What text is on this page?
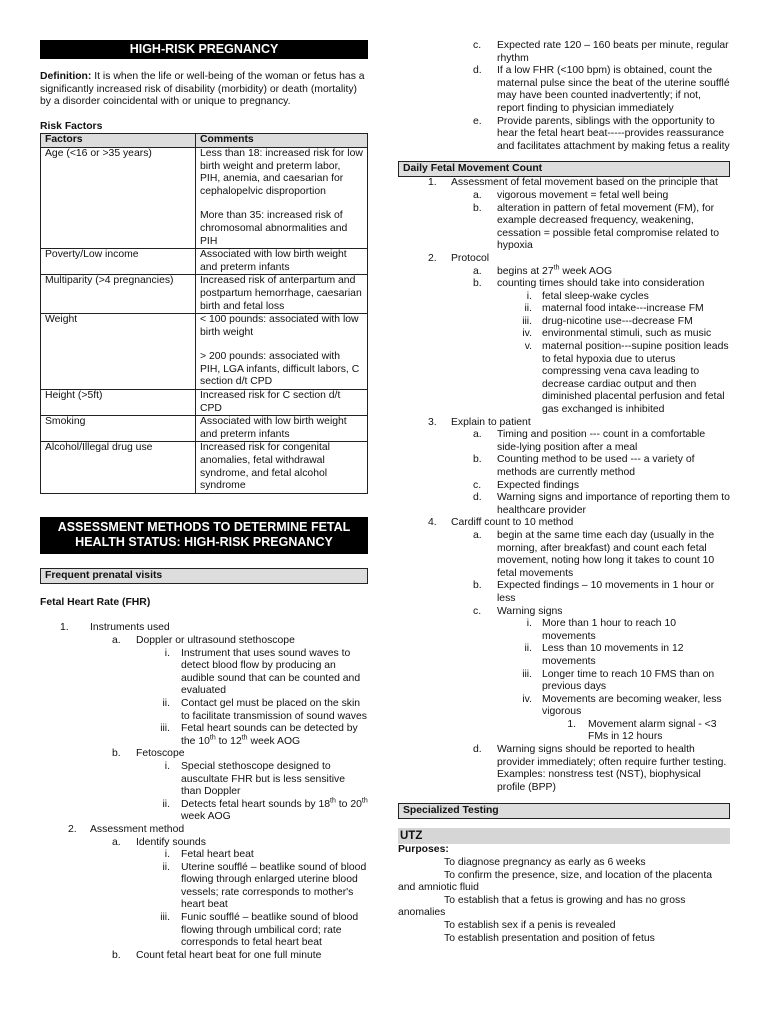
HIGH-RISK PREGNANCY

Definition: It is when the life or well-being of the woman or fetus has a significantly increased risk of disability (morbidity) or death (mortality) by a disorder coincidental with or unique to pregnancy.

Risk Factors

Factors	Comments
Age (<16 or >35 years)	Less than 18: increased risk for low birth weight and preterm labor, PIH, anemia, and caesarian for cephalopelvic disproportion

More than 35: increased risk of chromosomal abnormalities and PIH

Poverty/Low income	Associated with low birth weight and preterm infants

Multiparity (>4 pregnancies)	Increased risk of anterpartum and postpartum hemorrhage, caesarian birth and fetal loss

Weight	< 100 pounds: associated with low birth weight

> 200 pounds: associated with PIH, LGA infants, difficult labors, C section d/t CPD

Height (>5ft)	Increased risk for C section d/t CPD

Smoking	Associated with low birth weight and preterm infants

Alcohol/Illegal drug use	Increased risk for congenital anomalies, fetal withdrawal syndrome, and fetal alcohol syndrome

ASSESSMENT METHODS TO DETERMINE FETAL HEALTH STATUS: HIGH-RISK PREGNANCY
Frequent prenatal visits

Fetal Heart Rate (FHR)

1.	Instruments used
a. Doppler or ultrasound stethoscope
i. Instrument that uses sound waves to detect blood flow by producing an audible sound that can be counted and evaluated
ii. Contact gel must be placed on the skin to facilitate transmission of sound waves
iii. Fetal heart sounds can be detected by the 10th to 12th week AOG
b. Fetoscope
i. Special stethoscope designed to auscultate FHR but is less sensitive than Doppler
ii. Detects fetal heart sounds by 18th to 20th week AOG
2.	Assessment method
a. Identify sounds
i. Fetal heart beat
ii. Uterine soufflé – beatlike sound of blood flowing through enlarged uterine blood vessels; rate corresponds to mother's heart beat
iii. Funic soufflé – beatlike sound of blood flowing through umbilical cord; rate corresponds to fetal heart beat
b. Count fetal heart beat for one full minute
c. Expected rate 120 – 160 beats per minute, regular rhythm
d. If a low FHR (<100 bpm) is obtained, count the maternal pulse since the beat of the uterine soufflé may have been counted inadvertently; if not, report finding to physician immediately
e. Provide parents, siblings with the opportunity to hear the fetal heart beat-----provides reassurance and facilitates attachment by making fetus a reality
Daily Fetal Movement Count
1. Assessment of fetal movement based on the principle that
a. vigorous movement = fetal well being
b. alteration in pattern of fetal movement (FM), for example decreased frequency, weakening, cessation = possible fetal compromise related to hypoxia
2. Protocol
a. begins at 27th week AOG
b. counting times should take into consideration
i. fetal sleep-wake cycles
ii. maternal food intake---increase FM
iii. drug-nicotine use---decrease FM
iv. environmental stimuli, such as music
v. maternal position---supine position leads to fetal hypoxia due to uterus compressing vena cava leading to decrease cardiac output and then diminished placental perfusion and fetal gas exchanged is inhibited
3. Explain to patient
a. Timing and position --- count in a comfortable side-lying position after a meal
b. Counting method to be used --- a variety of methods are currently method
c. Expected findings
d. Warning signs and importance of reporting them to healthcare provider
4. Cardiff count to 10 method
a. begin at the same time each day (usually in the morning, after breakfast) and count each fetal movement, noting how long it takes to count 10 fetal movements
b. Expected findings – 10 movements in 1 hour or less
c. Warning signs
i. More than 1 hour to reach 10 movements
ii. Less than 10 movements in 12 movements
iii. Longer time to reach 10 FMS than on previous days
iv. Movements are becoming weaker, less vigorous
1. Movement alarm signal - <3 FMs in 12 hours
d. Warning signs should be reported to health provider immediately; often require further testing. Examples: nonstress test (NST), biophysical profile (BPP)
Specialized Testing
UTZ

Purposes:

To diagnose pregnancy as early as 6 weeks

To confirm the presence, size, and location of the placenta and amniotic fluid

To establish that a fetus is growing and has no gross anomalies

To establish sex if a penis is revealed

To establish presentation and position of fetus
